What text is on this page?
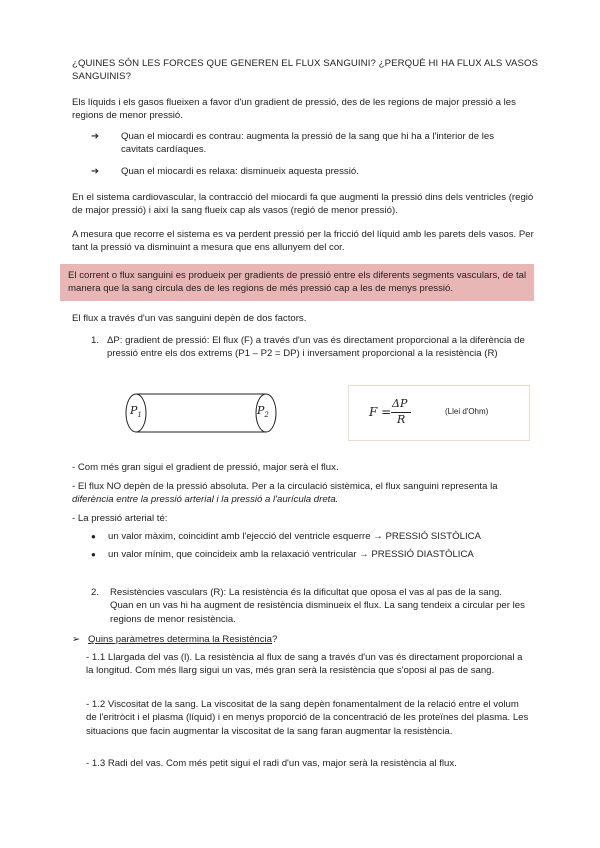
¿QUINES SÓN LES FORCES QUE GENEREN EL FLUX SANGUINI? ¿PERQUÈ HI HA FLUX ALS VASOS SANGUINIS?

Els líquids i els gasos flueixen a favor d'un gradient de pressió, des de les regions de major pressió a les regions de menor pressió.

➔ Quan el miocardi es contrau: augmenta la pressió de la sang que hi ha a l'interior de les cavitats cardíaques.
➔ Quan el miocardi es relaxa: disminueix aquesta pressió.

En el sistema cardiovascular, la contracció del miocardi fa que augmenti la pressió dins dels ventricles (regió de major pressió) i així la sang flueix cap als vasos (regió de menor pressió).

A mesura que recorre el sistema es va perdent pressió per la fricció del líquid amb les parets dels vasos. Per tant la pressió va disminuint a mesura que ens allunyem del cor.

El corrent o flux sanguini es produeix per gradients de pressió entre els diferents segments vasculars, de tal manera que la sang circula des de les regions de més pressió cap a les de menys pressió.

El flux a través d'un vas sanguini depèn de dos factors.

1. ΔP: gradient de pressió: El flux (F) a través d'un vas és directament proporcional a la diferència de pressió entre els dos extrems (P1 – P2 = DP) i inversament proporcional a la resistència (R)
$P_1$	$P_2$	F =
ΔP
R
(Llei d'Ohm)

- Com més gran sigui el gradient de pressió, major serà el flux.

- El flux NO depèn de la pressió absoluta. Per a la circulació sistèmica, el flux sanguini representa la diferència entre la pressió arterial i la pressió a l'aurícula dreta.

- La pressió arterial té:

● un valor màxim, coincidint amb l'ejecció del ventricle esquerre → PRESSIÓ SISTÒLICA
● un valor mínim, que coincideix amb la relaxació ventricular → PRESSIÓ DIASTÒLICA
2. Resistències vasculars (R): La resistència és la dificultat que oposa el vas al pas de la sang. Quan en un vas hi ha augment de resistència disminueix el flux. La sang tendeix a circular per les regions de menor resistència.
➢ Quins paràmetres determina la Resistència?

- 1.1 Llargada del vas (l). La resistència al flux de sang a través d'un vas és directament proporcional a la longitud. Com més llarg sigui un vas, més gran serà la resistència que s'oposi al pas de sang.

- 1.2 Viscositat de la sang. La viscositat de la sang depèn fonamentalment de la relació entre el volum de l'eritròcit i el plasma (líquid) i en menys proporció de la concentració de les proteïnes del plasma. Les situacions que facin augmentar la viscositat de la sang faran augmentar la resistència.

- 1.3 Radi del vas. Com més petit sigui el radi d'un vas, major serà la resistència al flux.
